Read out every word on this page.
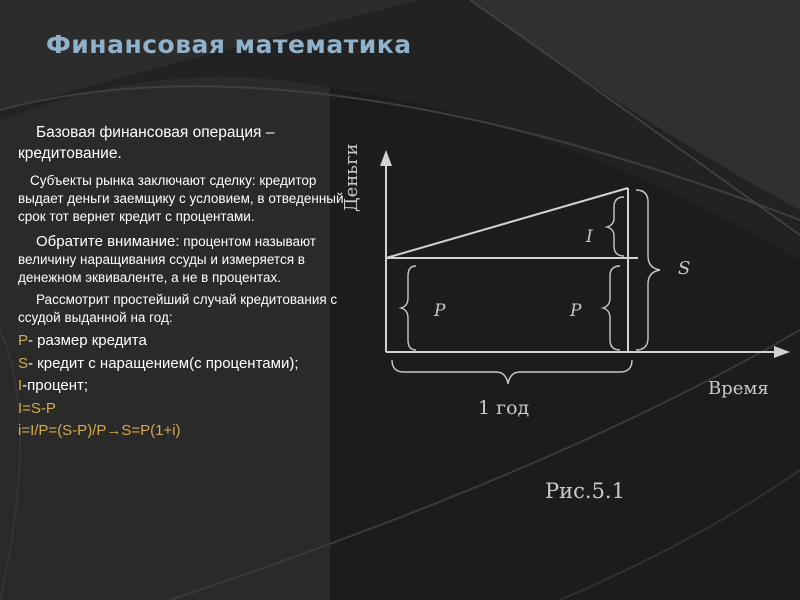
Финансовая математика

Базовая финансовая операция – кредитование.

Субъекты рынка заключают сделку: кредитор выдает деньги заемщику с условием, в отведенный срок тот вернет кредит с процентами.

Обратите внимание: процентом называют величину наращивания ссуды и измеряется в денежном эквиваленте, а не в процентах.

Рассмотрит простейший случай кредитования с ссудой выданной на год:

P- размер кредита
S- кредит с наращением(с процентами);
I-процент;
I=S-P
i=I/P=(S-P)/P→S=P(1+i)
Деньги
Время
I
S
P	P
1 год
Рис.5.1
